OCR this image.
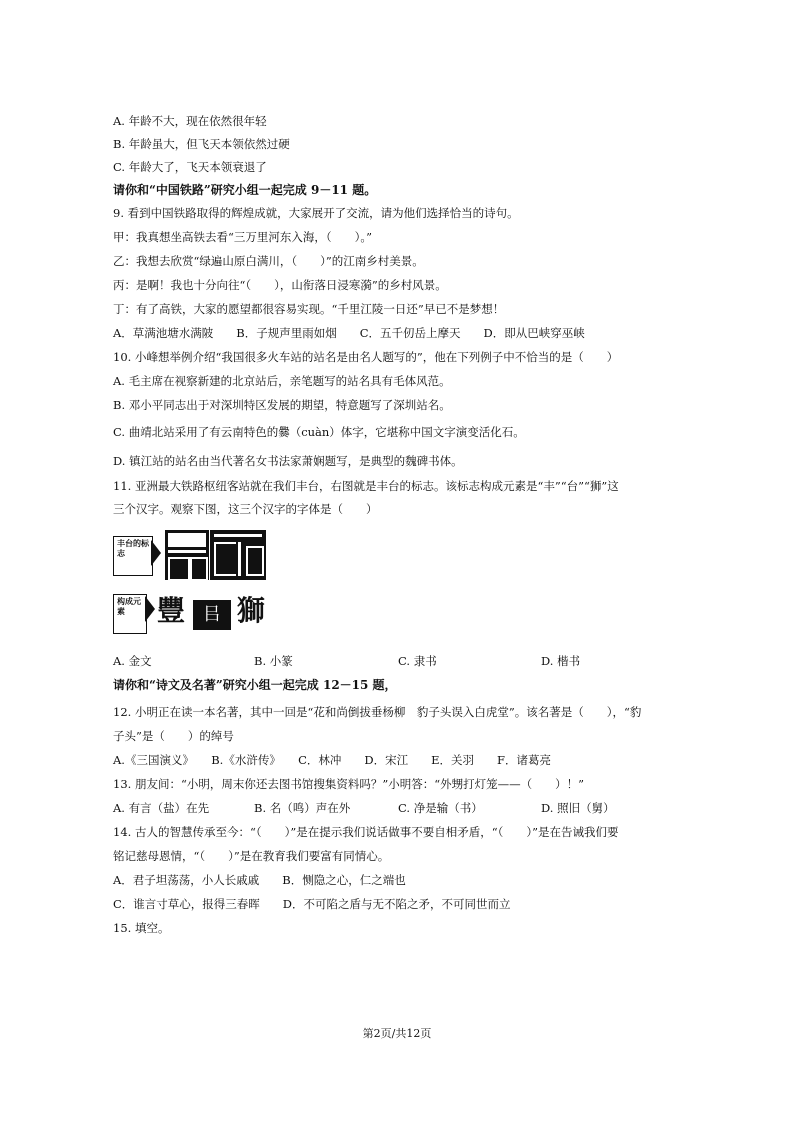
A. 年龄不大，现在依然很年轻
B. 年龄虽大，但飞天本领依然过硬
C. 年龄大了，飞天本领衰退了
请你和“中国铁路”研究小组一起完成 9－11 题。
9. 看到中国铁路取得的辉煌成就，大家展开了交流，请为他们选择恰当的诗句。
甲：我真想坐高铁去看“三万里河东入海，（　　）。”
乙：我想去欣赏“绿遍山原白满川，（　　）”的江南乡村美景。
丙：是啊！我也十分向往“（　　），山衔落日浸寒漪”的乡村风景。
丁：有了高铁，大家的愿望都很容易实现。“千里江陵一日还”早已不是梦想！
A．草满池塘水满陂　　B．子规声里雨如烟　　C．五千仞岳上摩天　　D．即从巴峡穿巫峡
10. 小峰想举例介绍“我国很多火车站的站名是由名人题写的”，他在下列例子中不恰当的是（　　）
A. 毛主席在视察新建的北京站后，亲笔题写的站名具有毛体风范。
B. 邓小平同志出于对深圳特区发展的期望，特意题写了深圳站名。
C. 曲靖北站采用了有云南特色的爨（cuàn）体字，它堪称中国文字演变活化石。
D. 镇江站的站名由当代著名女书法家萧娴题写，是典型的魏碑书体。
11. 亚洲最大铁路枢纽客站就在我们丰台，右图就是丰台的标志。该标志构成元素是“丰”“台”“狮”这
三个汉字。观察下图，这三个汉字的字体是（　　）
丰台的标志
构成元素	豐 㠯 獅
A. 金文	B. 小篆	C. 隶书	D. 楷书
请你和“诗文及名著”研究小组一起完成 12－15 题，
12. 小明正在读一本名著，其中一回是“花和尚倒拔垂杨柳　豹子头误入白虎堂”。该名著是（　　），“豹
子头”是（　　）的绰号
A.《三国演义》　　B.《水浒传》　　C．林冲　　D．宋江　　E．关羽　　F．诸葛亮
13. 朋友间：“小明，周末你还去图书馆搜集资料吗？”小明答：“外甥打灯笼——（　　）！”
A. 有言（盐）在先	B. 名（鸣）声在外	C. 净是输（书）	D. 照旧（舅）
14. 古人的智慧传承至今：“（　　）”是在提示我们说话做事不要自相矛盾，“（　　）”是在告诫我们要
铭记慈母恩情，“（　　）”是在教育我们要富有同情心。
A．君子坦荡荡，小人长戚戚　　B．恻隐之心，仁之端也
C．谁言寸草心，报得三春晖　　D．不可陷之盾与无不陷之矛，不可同世而立
15. 填空。
第2页/共12页
